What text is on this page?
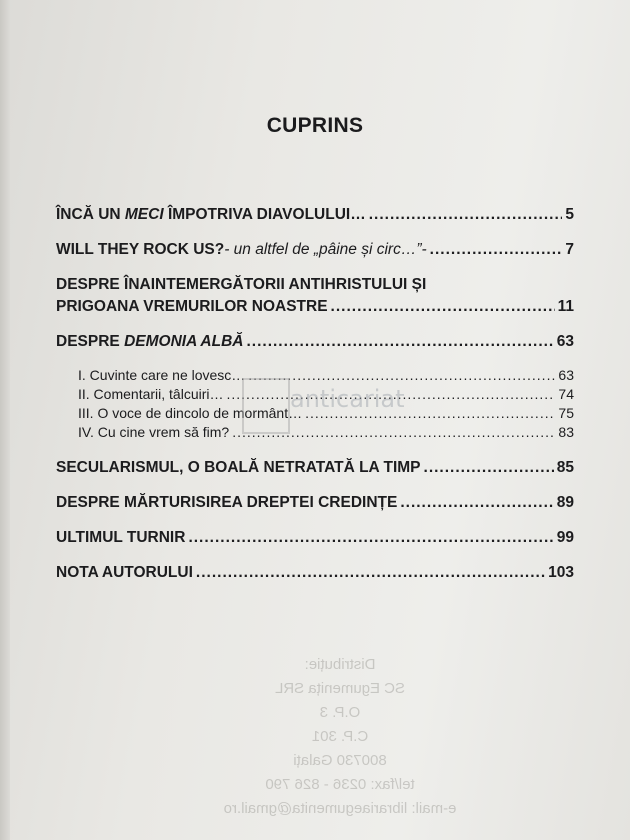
Distribuție:
SC Egumenița SRL
O.P. 3
C.P. 301
800730 Galați
tel/fax: 0236 - 826 790
e-mail: librariaegumenita@gmail.ro
CUPRINS
ÎNCĂ UN MECI ÎMPOTRIVA DIAVOLULUI… .....	5
WILL THEY ROCK US?- un altfel de „pâine și circ…”- .....	7
DESPRE ÎNAINTEMERGĂTORII ANTIHRISTULUI ȘI
PRIGOANA VREMURILOR NOASTRE .....	11
DESPRE DEMONIA ALBĂ .....	63
I. Cuvinte care ne lovesc… .....	63
II. Comentarii, tâlcuiri… .....	74
III. O voce de dincolo de mormânt… .....	75
IV. Cu cine vrem să fim? .....	83
SECULARISMUL, O BOALĂ NETRATATĂ LA TIMP .....	85
DESPRE MĂRTURISIREA DREPTEI CREDINȚE .....	89
ULTIMUL TURNIR .....	99
NOTA AUTORULUI .....	103
anticariat
